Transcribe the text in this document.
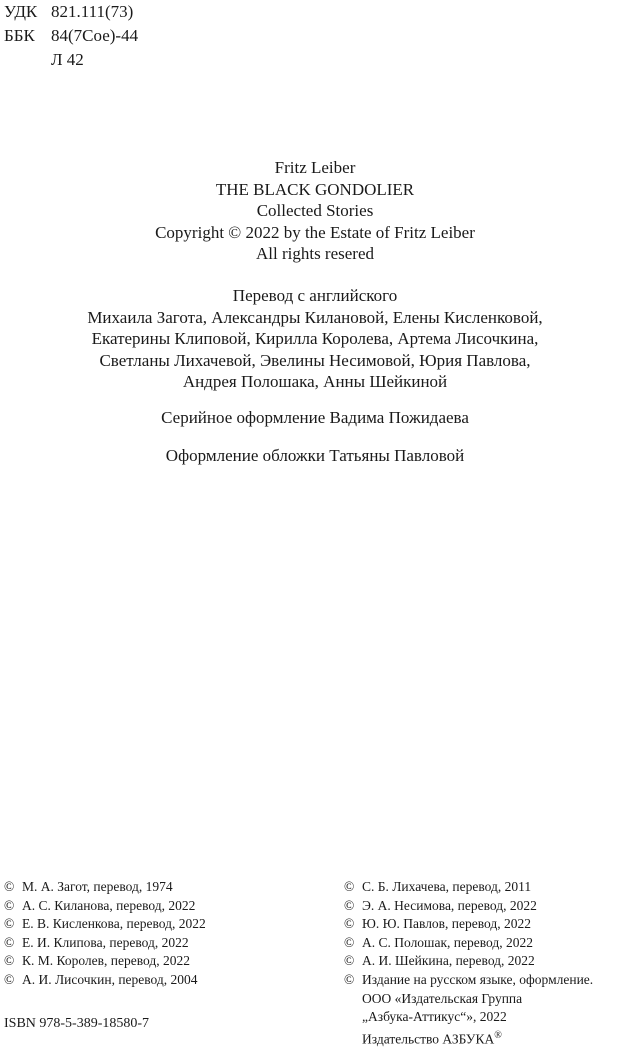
УДК 821.111(73)
ББК 84(7Сое)-44
Л 42
Fritz Leiber
THE BLACK GONDOLIER
Collected Stories
Copyright © 2022 by the Estate of Fritz Leiber
All rights resered
Перевод с английского
Михаила Загота, Александры Килановой, Елены Кисленковой,
Екатерины Клиповой, Кирилла Королева, Артема Лисочкина,
Светланы Лихачевой, Эвелины Несимовой, Юрия Павлова,
Андрея Полошака, Анны Шейкиной
Серийное оформление Вадима Пожидаева
Оформление обложки Татьяны Павловой
© М. А. Загот, перевод, 1974
© А. С. Киланова, перевод, 2022
© Е. В. Кисленкова, перевод, 2022
© Е. И. Клипова, перевод, 2022
© К. М. Королев, перевод, 2022
© А. И. Лисочкин, перевод, 2004
© С. Б. Лихачева, перевод, 2011
© Э. А. Несимова, перевод, 2022
© Ю. Ю. Павлов, перевод, 2022
© А. С. Полошак, перевод, 2022
© А. И. Шейкина, перевод, 2022
© Издание на русском языке, оформление.
ООО «Издательская Группа
„Азбука-Аттикус“», 2022
Издательство АЗБУКА®
ISBN 978-5-389-18580-7
